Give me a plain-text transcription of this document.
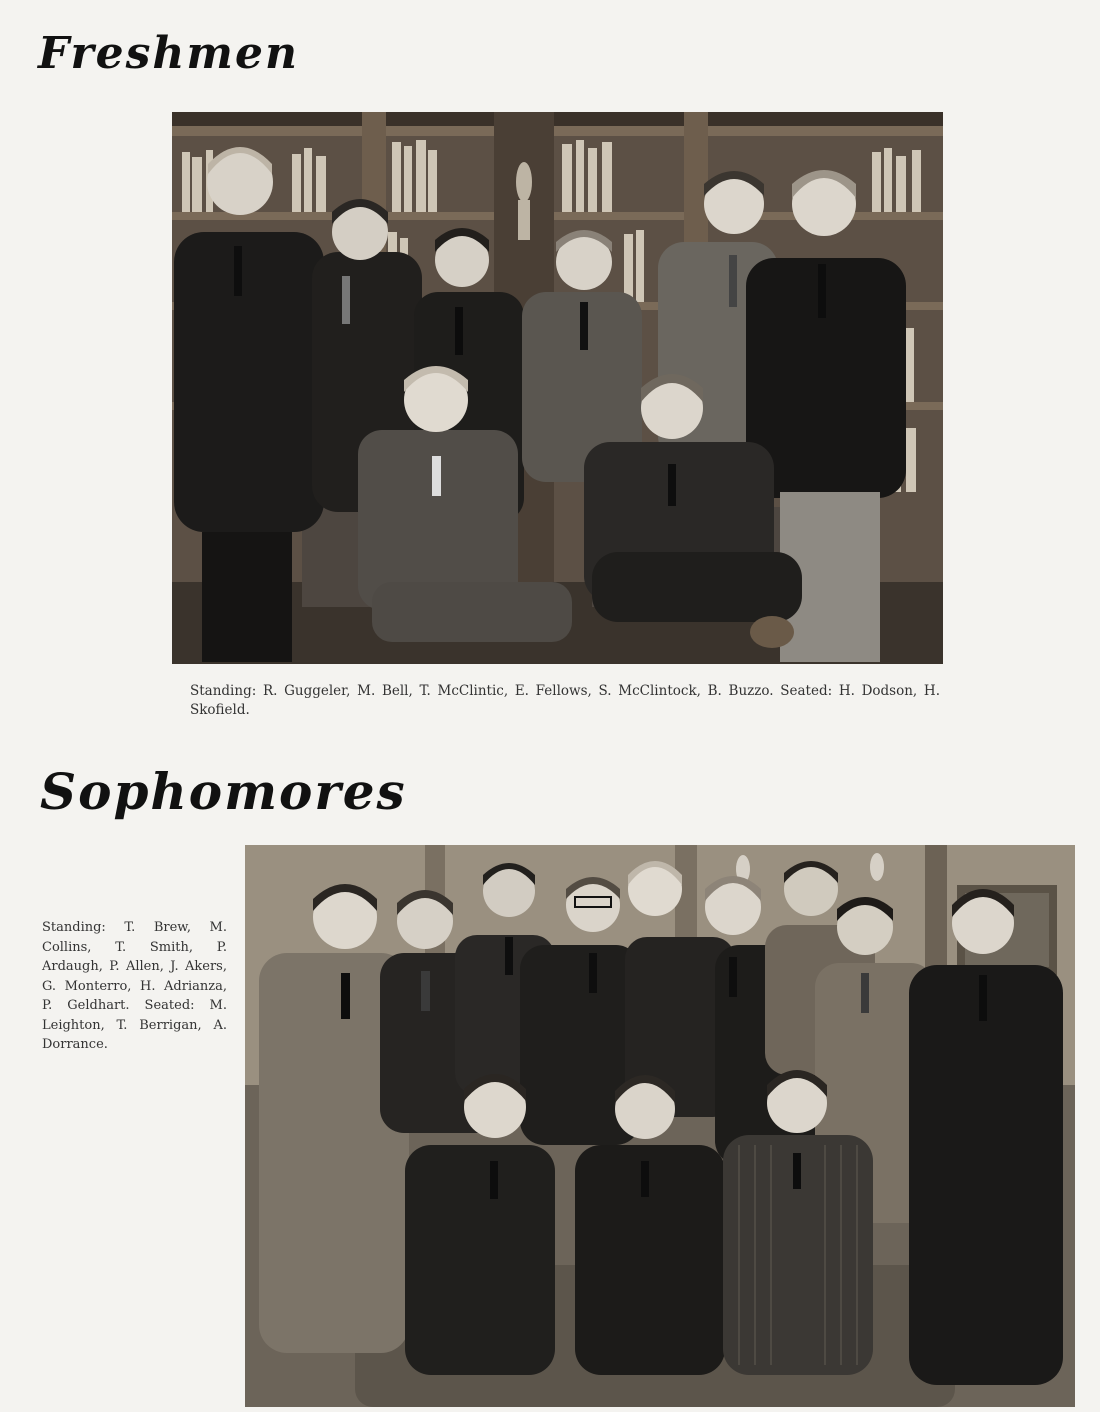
Freshmen
Standing: R. Guggeler, M. Bell, T. McClintic, E. Fellows, S. McClintock, B. Buzzo. Seated: H. Dodson, H. Skofield.
Sophomores
Standing: T. Brew, M. Collins, T. Smith, P. Ardaugh, P. Allen, J. Akers, G. Monterro, H. Adrianza, P. Geldhart. Seated: M. Leighton, T. Berrigan, A. Dorrance.
